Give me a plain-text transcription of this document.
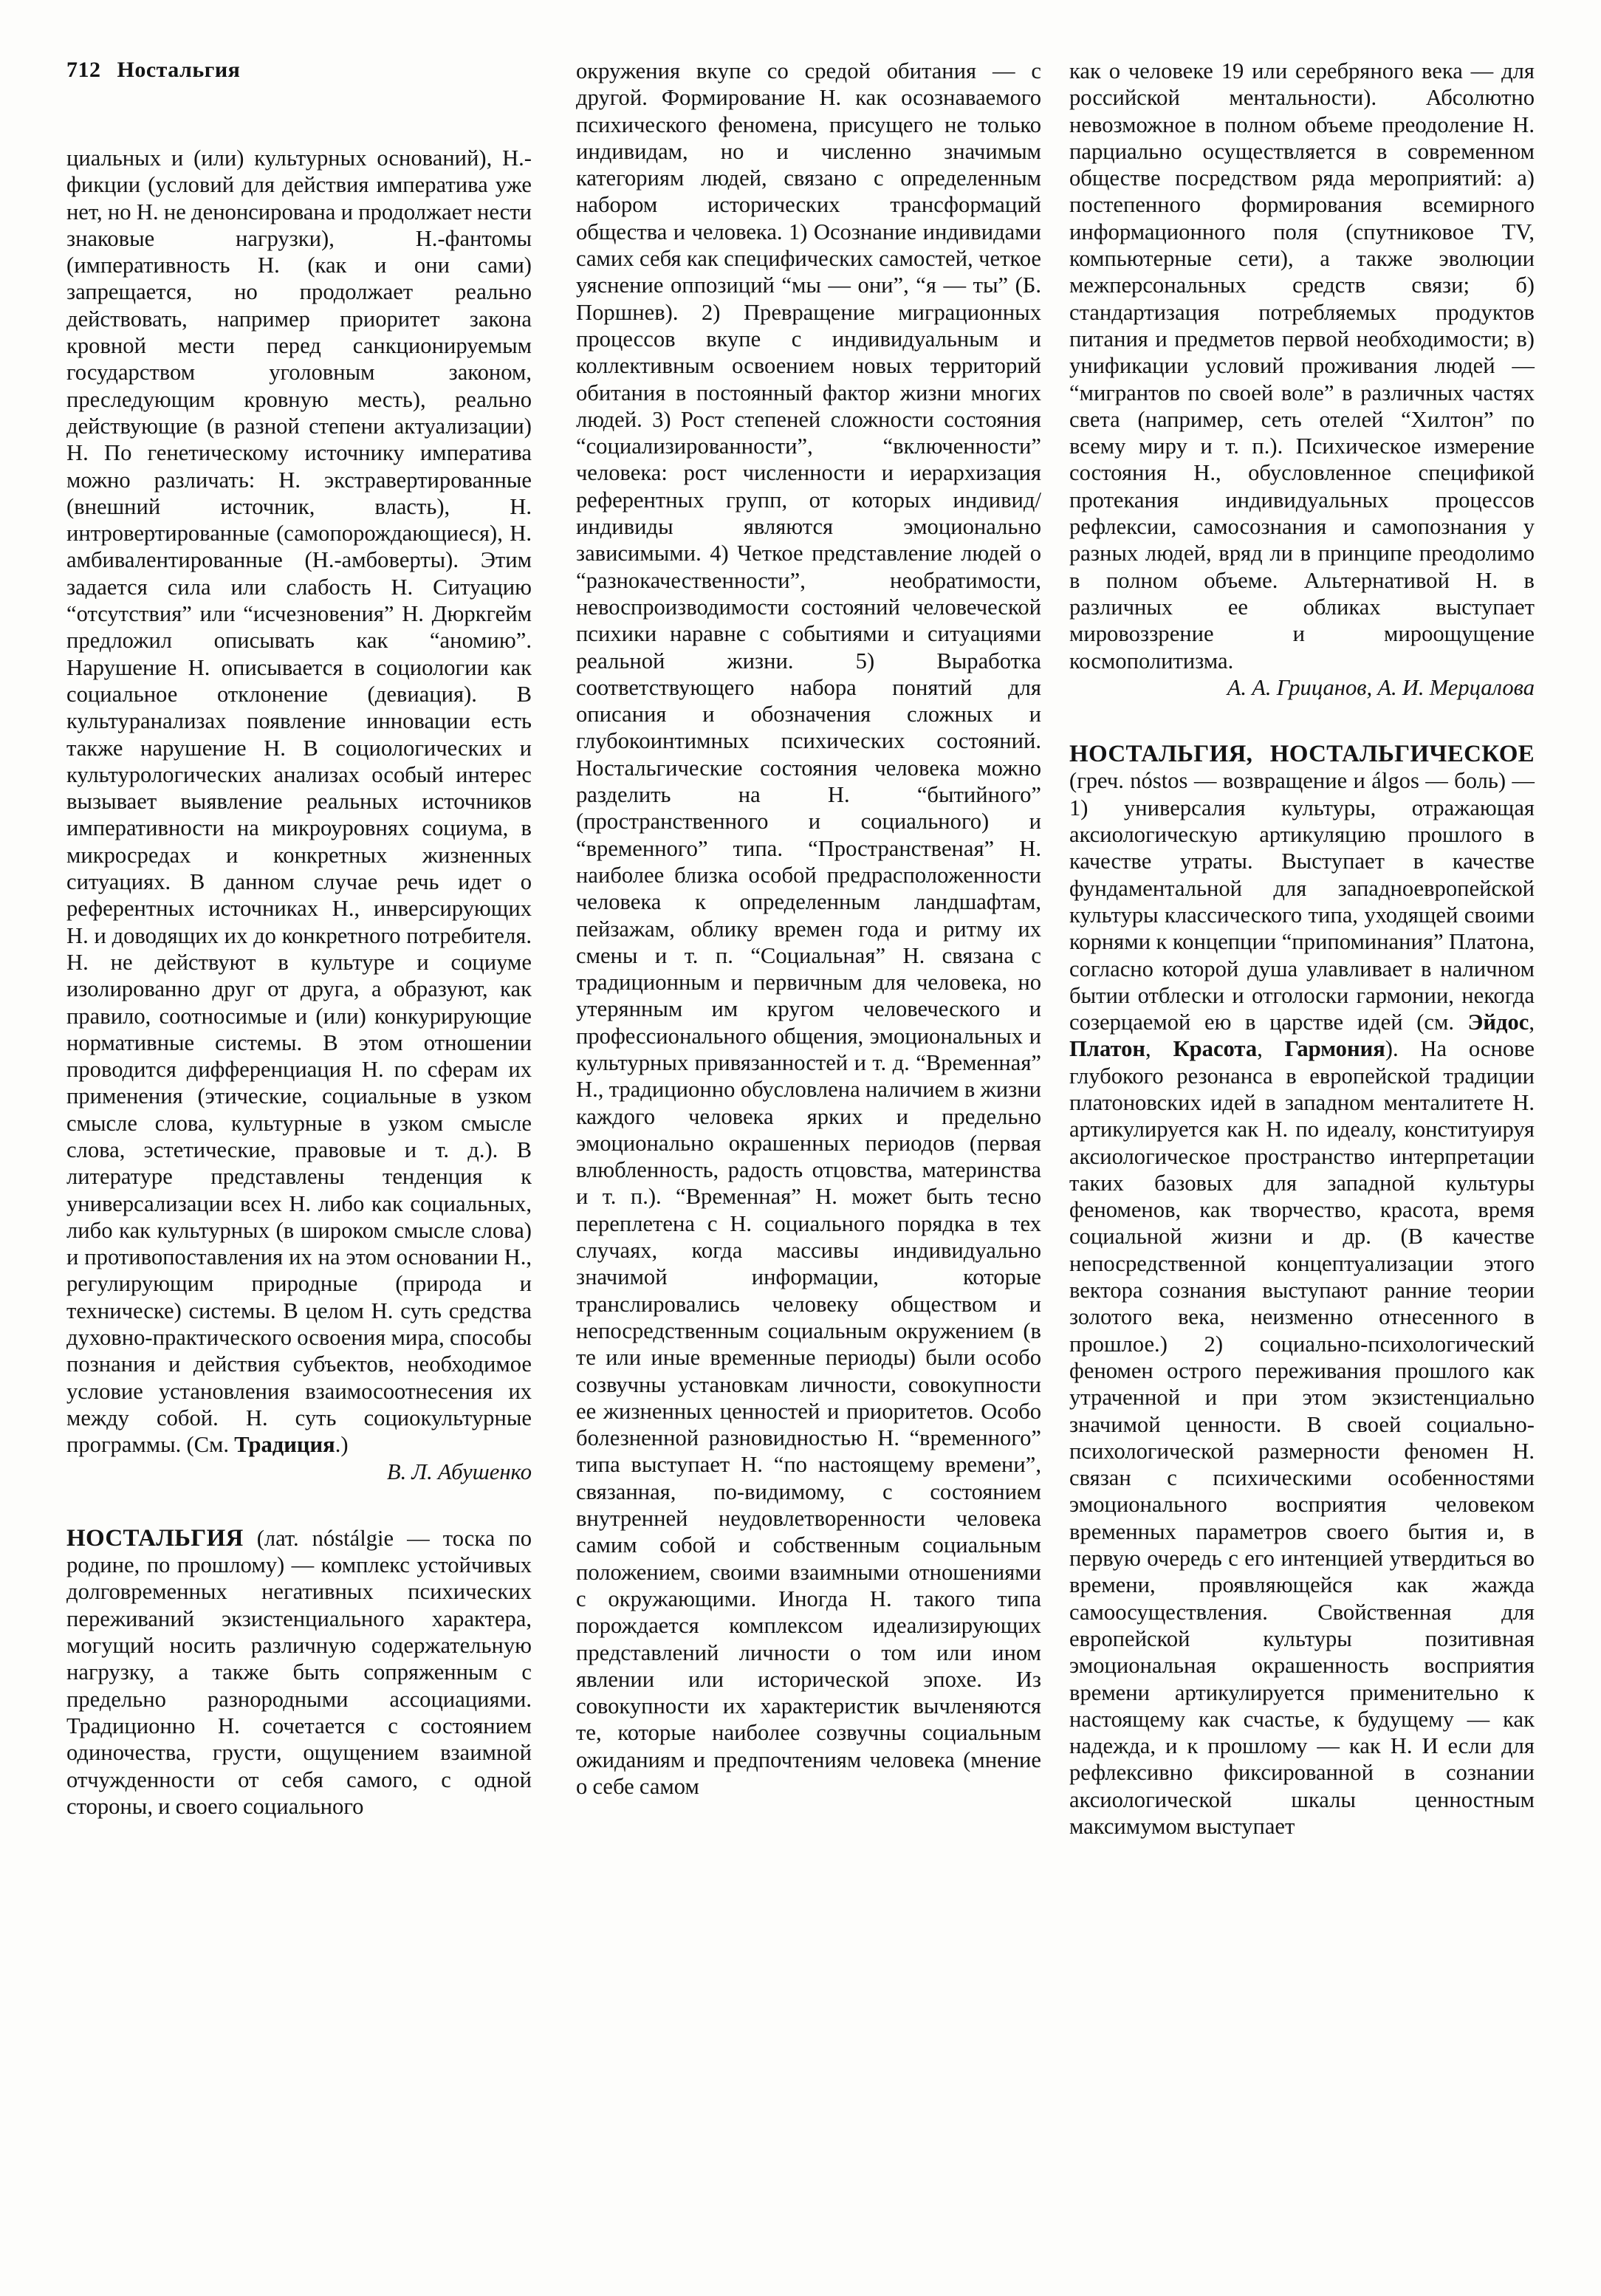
712 Ностальгия

циальных и (или) культурных оснований), Н.-фикции (условий для действия императива уже нет, но Н. не денонсирована и продолжает нести знаковые нагрузки), Н.-фантомы (императивность Н. (как и они сами) запрещается, но продолжает реально действовать, например приоритет закона кровной мести перед санкционируемым государством уголовным законом, преследующим кровную месть), реально действующие (в разной степени актуализации) Н. По генетическому источнику императива можно различать: Н. экстравертированные (внешний источник, власть), Н. интровертированные (самопорождающиеся), Н. амбивалентированные (Н.-амбоверты). Этим задается сила или слабость Н. Ситуацию “отсутствия” или “исчезновения” Н. Дюркгейм предложил описывать как “аномию”. Нарушение Н. описывается в социологии как социальное отклонение (девиация). В культуранализах появление инновации есть также нарушение Н. В социологических и культурологических анализах особый интерес вызывает выявление реальных источников императивности на микроуровнях социума, в микросредах и конкретных жизненных ситуациях. В данном случае речь идет о референтных источниках Н., инверсирующих Н. и доводящих их до конкретного потребителя. Н. не действуют в культуре и социуме изолированно друг от друга, а образуют, как правило, соотносимые и (или) конкурирующие нормативные системы. В этом отношении проводится дифференциация Н. по сферам их применения (этические, социальные в узком смысле слова, культурные в узком смысле слова, эстетические, правовые и т. д.). В литературе представлены тенденция к универсализации всех Н. либо как социальных, либо как культурных (в широком смысле слова) и противопоставления их на этом основании Н., регулирующим природные (природа и техническе) системы. В целом Н. суть средства духовно-практического освоения мира, способы познания и действия субъектов, необходимое условие установления взаимосоотнесения их между собой. Н. суть социокультурные программы. (См. Традиция.)

В. Л. Абушенко

НОСТАЛЬГИЯ (лат. nóstálgie — тоска по родине, по прошлому) — комплекс устойчивых долговременных негативных психических переживаний экзистенциального характера, могущий носить различную содержательную нагрузку, а также быть сопряженным с предельно разнородными ассоциациями. Традиционно Н. сочетается с состоянием одиночества, грусти, ощущением взаимной отчужденности от себя самого, с одной стороны, и своего социального

окружения вкупе со средой обитания — с другой. Формирование Н. как осознаваемого психического феномена, присущего не только индивидам, но и численно значимым категориям людей, связано с определенным набором исторических трансформаций общества и человека. 1) Осознание индивидами самих себя как специфических самостей, четкое уяснение оппозиций “мы — они”, “я — ты” (Б. Поршнев). 2) Превращение миграционных процессов вкупе с индивидуальным и коллективным освоением новых территорий обитания в постоянный фактор жизни многих людей. 3) Рост степеней сложности состояния “социализированности”, “включенности” человека: рост численности и иерархизация референтных групп, от которых индивид/индивиды являются эмоционально зависимыми. 4) Четкое представление людей о “разнокачественности”, необратимости, невоспроизводимости состояний человеческой психики наравне с событиями и ситуациями реальной жизни. 5) Выработка соответствующего набора понятий для описания и обозначения сложных и глубокоинтимных психических состояний. Ностальгические состояния человека можно разделить на Н. “бытийного” (пространственного и социального) и “временного” типа. “Пространственая” Н. наиболее близка особой предрасположенности человека к определенным ландшафтам, пейзажам, облику времен года и ритму их смены и т. п. “Социальная” Н. связана с традиционным и первичным для человека, но утерянным им кругом человеческого и профессионального общения, эмоциональных и культурных привязанностей и т. д. “Временная” Н., традиционно обусловлена наличием в жизни каждого человека ярких и предельно эмоционально окрашенных периодов (первая влюбленность, радость отцовства, материнства и т. п.). “Временная” Н. может быть тесно переплетена с Н. социального порядка в тех случаях, когда массивы индивидуально значимой информации, которые транслировались человеку обществом и непосредственным социальным окружением (в те или иные временные периоды) были особо созвучны установкам личности, совокупности ее жизненных ценностей и приоритетов. Особо болезненной разновидностью Н. “временного” типа выступает Н. “по настоящему времени”, связанная, по-видимому, с состоянием внутренней неудовлетворенности человека самим собой и собственным социальным положением, своими взаимными отношениями с окружающими. Иногда Н. такого типа порождается комплексом идеализирующих представлений личности о том или ином явлении или исторической эпохе. Из совокупности их характеристик вычленяются те, которые наиболее созвучны социальным ожиданиям и предпочтениям человека (мнение о себе самом

как о человеке 19 или серебряного века — для российской ментальности). Абсолютно невозможное в полном объеме преодоление Н. парциально осуществляется в современном обществе посредством ряда мероприятий: а) постепенного формирования всемирного информационного поля (спутниковое TV, компьютерные сети), а также эволюции межперсональных средств связи; б) стандартизация потребляемых продуктов питания и предметов первой необходимости; в) унификации условий проживания людей — “мигрантов по своей воле” в различных частях света (например, сеть отелей “Хилтон” по всему миру и т. п.). Психическое измерение состояния Н., обусловленное спецификой протекания индивидуальных процессов рефлексии, самосознания и самопознания у разных людей, вряд ли в принципе преодолимо в полном объеме. Альтернативой Н. в различных ее обликах выступает мировоззрение и мироощущение космополитизма.

А. А. Грицанов, А. И. Мерцалова

НОСТАЛЬГИЯ, НОСТАЛЬГИЧЕСКОЕ (греч. nóstos — возвращение и álgos — боль) — 1) универсалия культуры, отражающая аксиологическую артикуляцию прошлого в качестве утраты. Выступает в качестве фундаментальной для западноевропейской культуры классического типа, уходящей своими корнями к концепции “припоминания” Платона, согласно которой душа улавливает в наличном бытии отблески и отголоски гармонии, некогда созерцаемой ею в царстве идей (см. Эйдос, Платон, Красота, Гармония). На основе глубокого резонанса в европейской традиции платоновских идей в западном менталитете Н. артикулируется как Н. по идеалу, конституируя аксиологическое пространство интерпретации таких базовых для западной культуры феноменов, как творчество, красота, время социальной жизни и др. (В качестве непосредственной концептуализации этого вектора сознания выступают ранние теории золотого века, неизменно отнесенного в прошлое.) 2) социально-психологический феномен острого переживания прошлого как утраченной и при этом экзистенциально значимой ценности. В своей социально-психологической размерности феномен Н. связан с психическими особенностями эмоционального восприятия человеком временных параметров своего бытия и, в первую очередь с его интенцией утвердиться во времени, проявляющейся как жажда самоосуществления. Свойственная для европейской культуры позитивная эмоциональная окрашенность восприятия времени артикулируется применительно к настоящему как счастье, к будущему — как надежда, и к прошлому — как Н. И если для рефлексивно фиксированной в сознании аксиологической шкалы ценностным максимумом выступает
